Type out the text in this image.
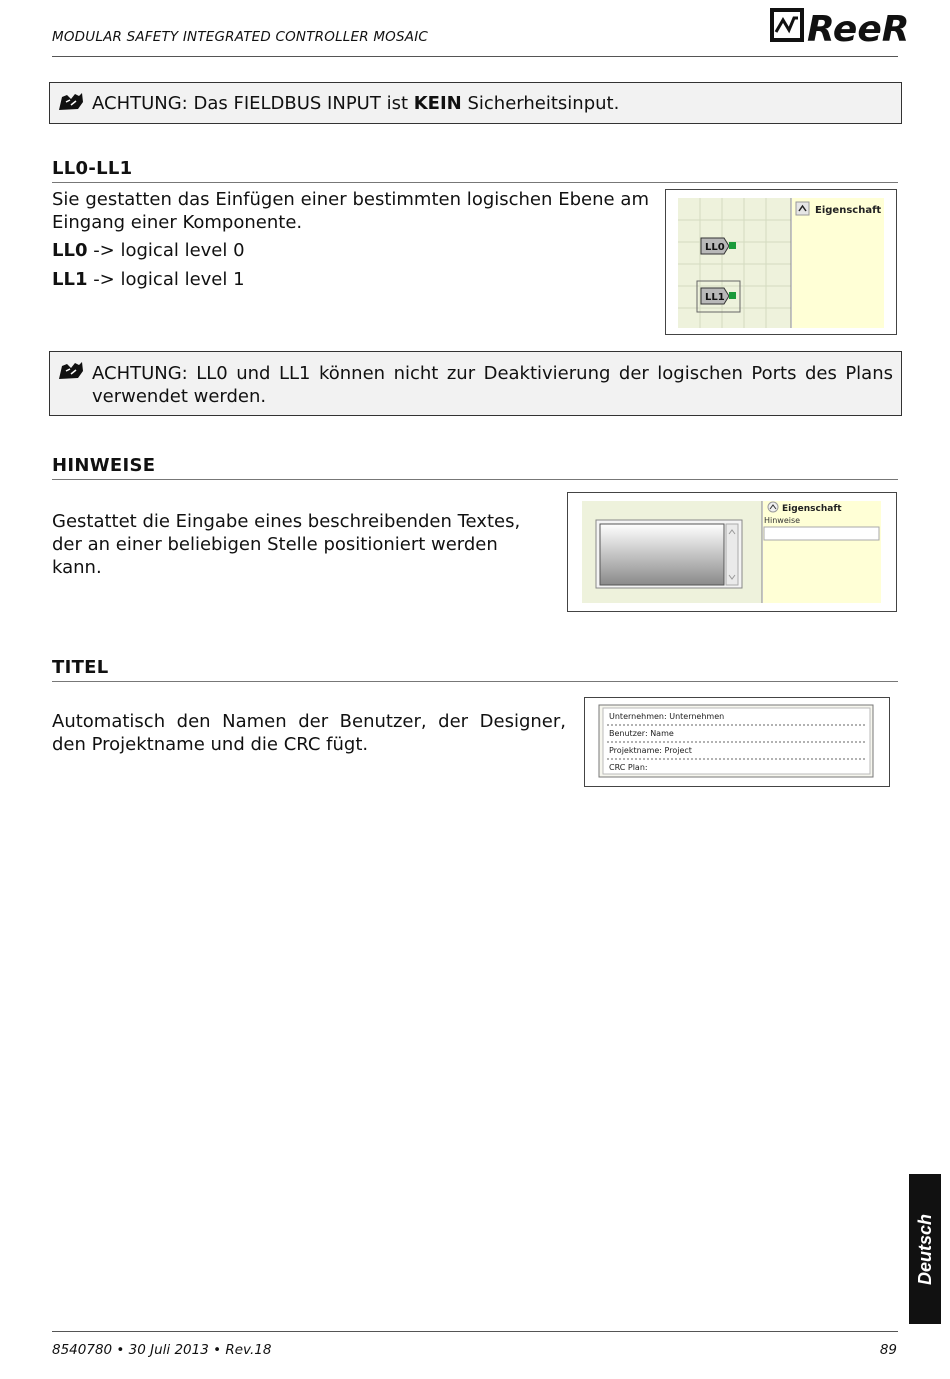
MODULAR SAFETY INTEGRATED CONTROLLER MOSAIC	ReeR
ACHTUNG: Das FIELDBUS INPUT ist KEIN Sicherheitsinput.
LL0-LL1
Sie gestatten das Einfügen einer bestimmten logischen Ebene am Eingang einer Komponente.
LL0 -> logical level 0
LL1 -> logical level 1
Eigenschaft
LL0
LL1
ACHTUNG: LL0 und LL1 können nicht zur Deaktivierung der logischen Ports des Plans verwendet werden.
HINWEISE
Gestattet die Eingabe eines beschreibenden Textes, der an einer beliebigen Stelle positioniert werden kann.
Eigenschaft
Hinweise
TITEL
Automatisch den Namen der Benutzer, der Designer, den Projektname und die CRC fügt.
Unternehmen: Unternehmen
Benutzer: Name
Projektname: Project
CRC Plan:
Deutsch
8540780 • 30 Juli 2013 • Rev.18	89
